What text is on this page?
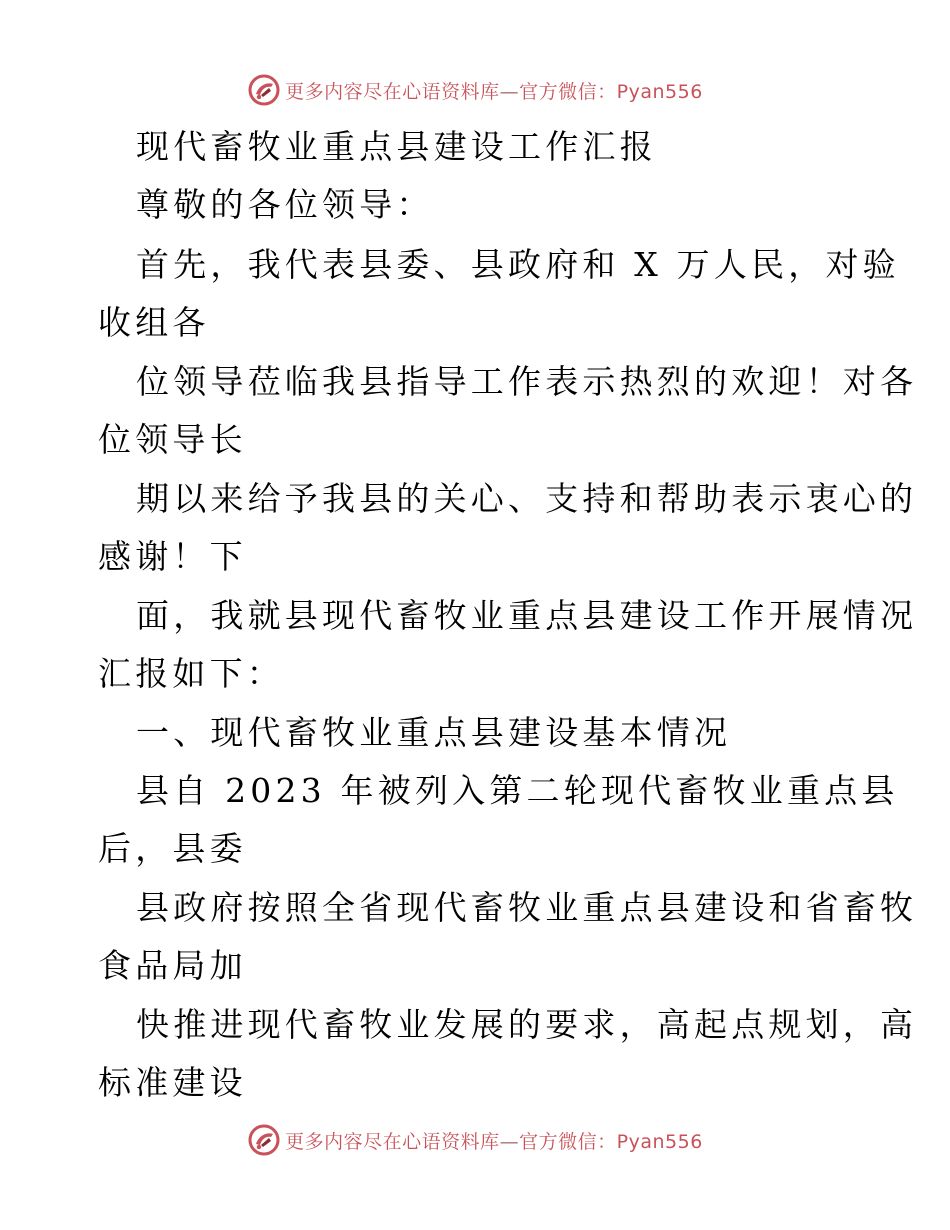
更多内容尽在心语资料库—官方微信：Pyan556
现代畜牧业重点县建设工作汇报
尊敬的各位领导：
首先，我代表县委、县政府和 X 万人民，对验
收组各
位领导莅临我县指导工作表示热烈的欢迎！对各
位领导长
期以来给予我县的关心、支持和帮助表示衷心的
感谢！下
面，我就县现代畜牧业重点县建设工作开展情况
汇报如下：
一、现代畜牧业重点县建设基本情况
县自 2023 年被列入第二轮现代畜牧业重点县
后，县委
县政府按照全省现代畜牧业重点县建设和省畜牧
食品局加
快推进现代畜牧业发展的要求，高起点规划，高
标准建设
更多内容尽在心语资料库—官方微信：Pyan556
